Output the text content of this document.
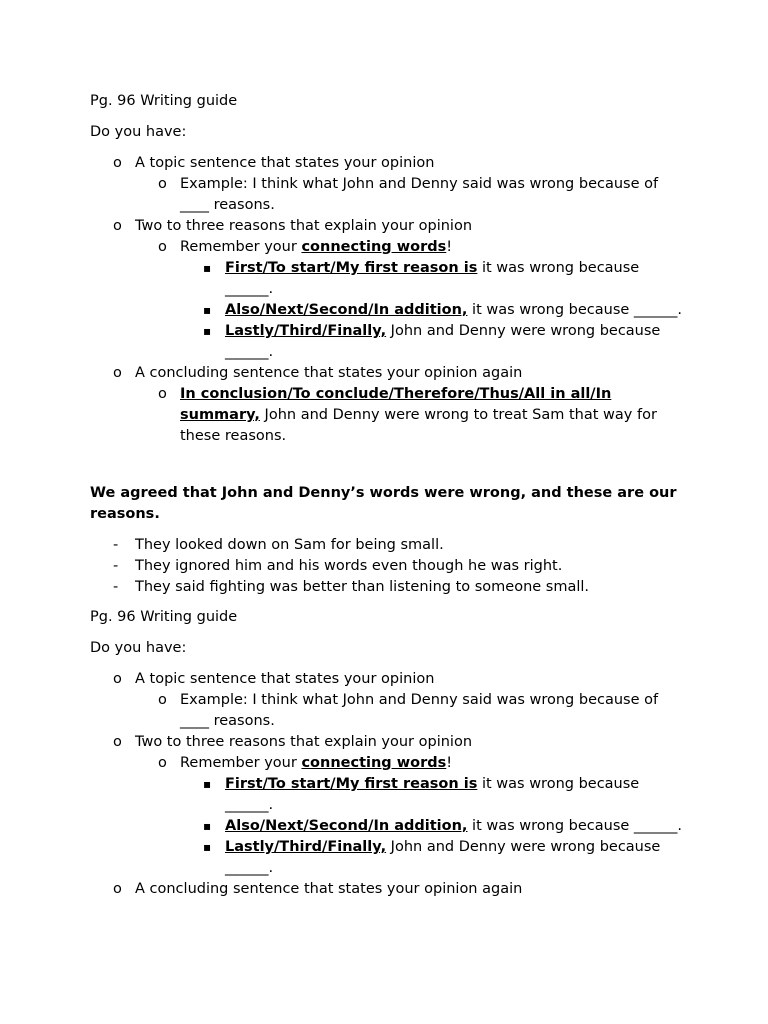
Pg. 96 Writing guide

Do you have:

o A topic sentence that states your opinion
o Example: I think what John and Denny said was wrong because of ____ reasons.
o Two to three reasons that explain your opinion
o Remember your connecting words!
▪ First/To start/My first reason is it was wrong because ______.
▪ Also/Next/Second/In addition, it was wrong because ______.
▪ Lastly/Third/Finally, John and Denny were wrong because ______.
o A concluding sentence that states your opinion again
o In conclusion/To conclude/Therefore/Thus/All in all/In summary, John and Denny were wrong to treat Sam that way for these reasons.

We agreed that John and Denny’s words were wrong, and these are our reasons.

- They looked down on Sam for being small.
- They ignored him and his words even though he was right.
- They said fighting was better than listening to someone small.

Pg. 96 Writing guide

Do you have:

o A topic sentence that states your opinion
o Example: I think what John and Denny said was wrong because of ____ reasons.
o Two to three reasons that explain your opinion
o Remember your connecting words!
▪ First/To start/My first reason is it was wrong because ______.
▪ Also/Next/Second/In addition, it was wrong because ______.
▪ Lastly/Third/Finally, John and Denny were wrong because ______.
o A concluding sentence that states your opinion again
